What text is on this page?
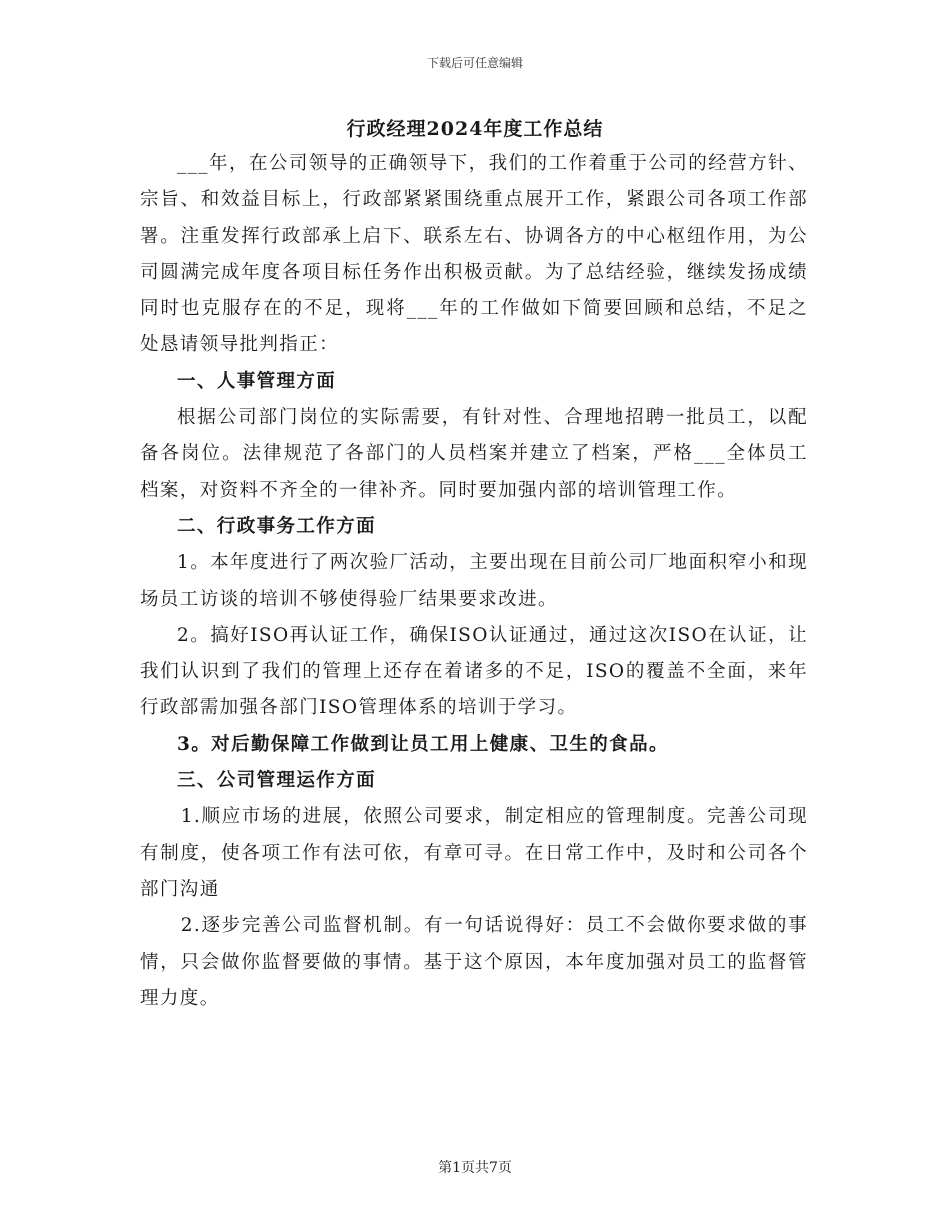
下载后可任意编辑
行政经理2024年度工作总结

___年，在公司领导的正确领导下，我们的工作着重于公司的经营方针、宗旨、和效益目标上，行政部紧紧围绕重点展开工作，紧跟公司各项工作部署。注重发挥行政部承上启下、联系左右、协调各方的中心枢纽作用，为公司圆满完成年度各项目标任务作出积极贡献。为了总结经验，继续发扬成绩同时也克服存在的不足，现将___年的工作做如下简要回顾和总结，不足之处恳请领导批判指正：

一、人事管理方面

根据公司部门岗位的实际需要，有针对性、合理地招聘一批员工，以配备各岗位。法律规范了各部门的人员档案并建立了档案，严格___全体员工档案，对资料不齐全的一律补齐。同时要加强内部的培训管理工作。

二、行政事务工作方面

1。本年度进行了两次验厂活动，主要出现在目前公司厂地面积窄小和现场员工访谈的培训不够使得验厂结果要求改进。

2。搞好ISO再认证工作，确保ISO认证通过，通过这次ISO在认证，让我们认识到了我们的管理上还存在着诸多的不足，ISO的覆盖不全面，来年行政部需加强各部门ISO管理体系的培训于学习。

3。对后勤保障工作做到让员工用上健康、卫生的食品。

三、公司管理运作方面

1.顺应市场的进展，依照公司要求，制定相应的管理制度。完善公司现有制度，使各项工作有法可依，有章可寻。在日常工作中，及时和公司各个部门沟通

2.逐步完善公司监督机制。有一句话说得好：员工不会做你要求做的事情，只会做你监督要做的事情。基于这个原因，本年度加强对员工的监督管理力度。

第1页共7页
